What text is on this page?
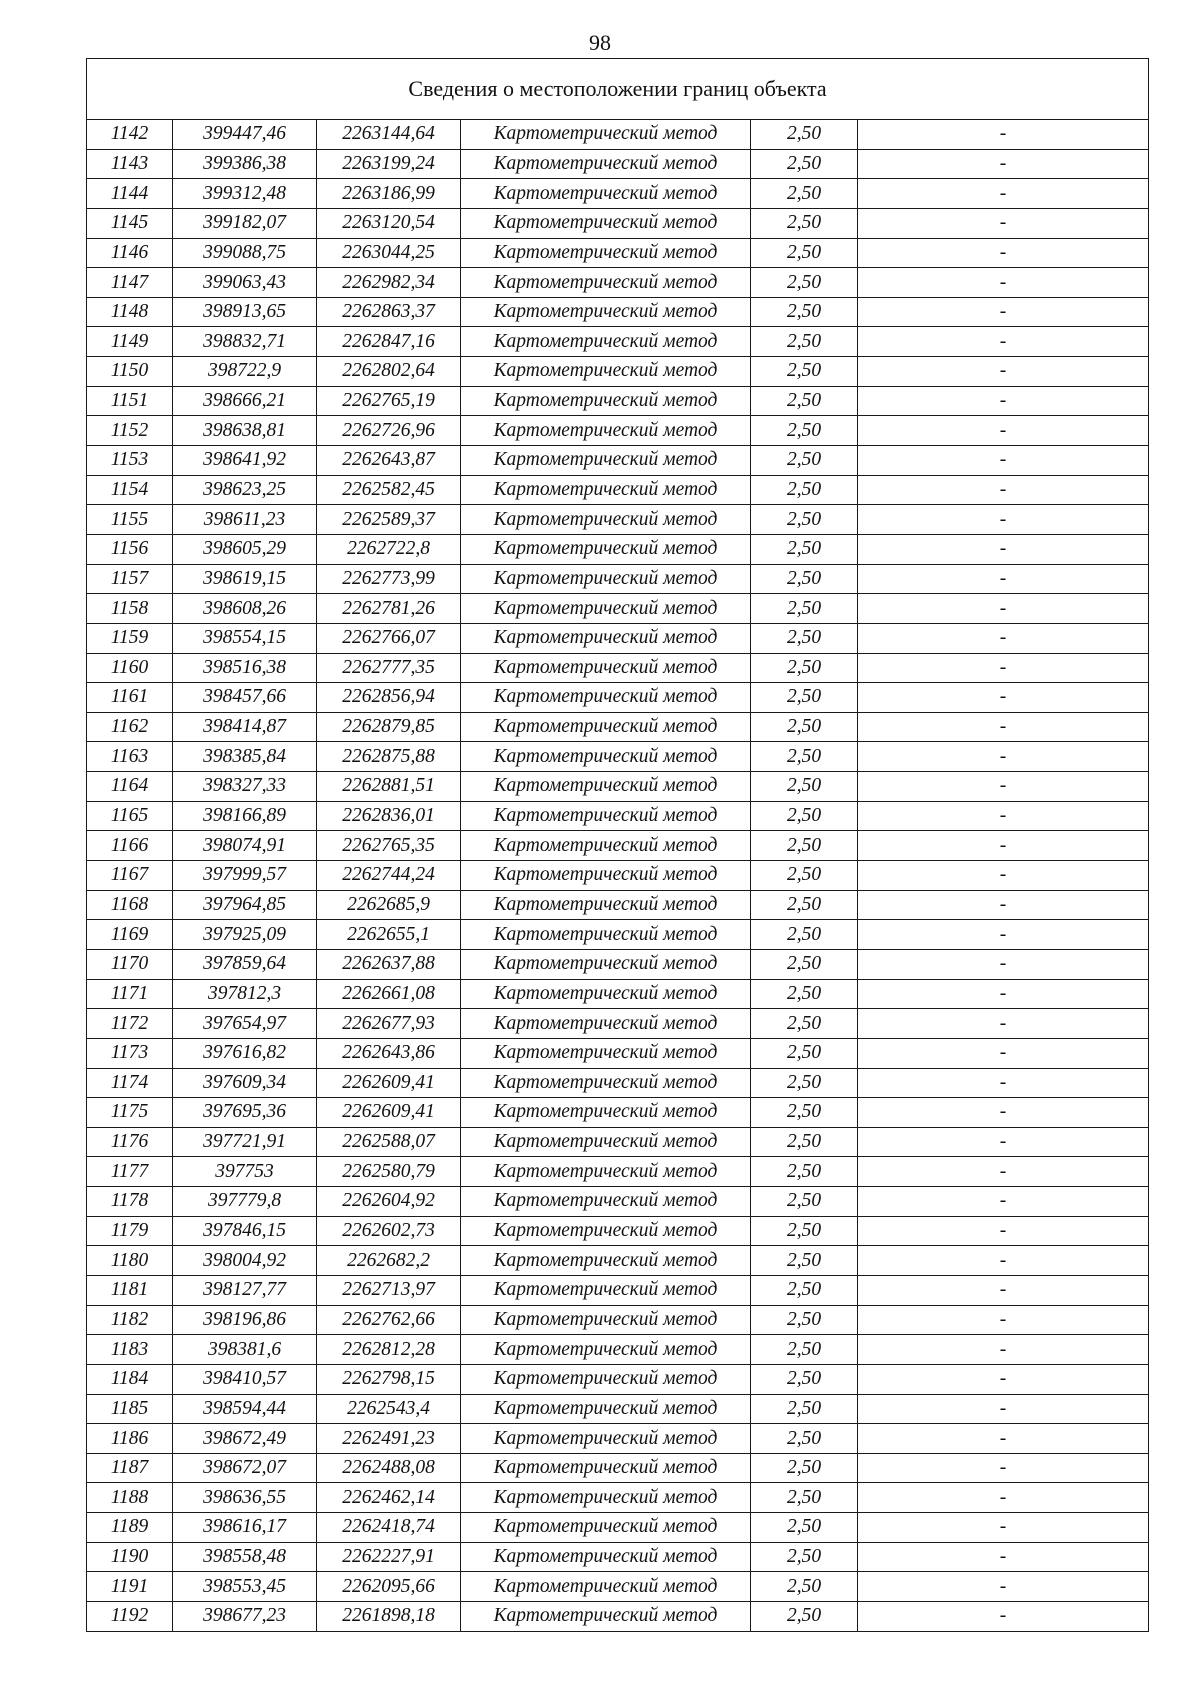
98
Сведения о местоположении границ объекта					
1142	399447,46	2263144,64	Картометрический метод	2,50	-
1143	399386,38	2263199,24	Картометрический метод	2,50	-
1144	399312,48	2263186,99	Картометрический метод	2,50	-
1145	399182,07	2263120,54	Картометрический метод	2,50	-
1146	399088,75	2263044,25	Картометрический метод	2,50	-
1147	399063,43	2262982,34	Картометрический метод	2,50	-
1148	398913,65	2262863,37	Картометрический метод	2,50	-
1149	398832,71	2262847,16	Картометрический метод	2,50	-
1150	398722,9	2262802,64	Картометрический метод	2,50	-
1151	398666,21	2262765,19	Картометрический метод	2,50	-
1152	398638,81	2262726,96	Картометрический метод	2,50	-
1153	398641,92	2262643,87	Картометрический метод	2,50	-
1154	398623,25	2262582,45	Картометрический метод	2,50	-
1155	398611,23	2262589,37	Картометрический метод	2,50	-
1156	398605,29	2262722,8	Картометрический метод	2,50	-
1157	398619,15	2262773,99	Картометрический метод	2,50	-
1158	398608,26	2262781,26	Картометрический метод	2,50	-
1159	398554,15	2262766,07	Картометрический метод	2,50	-
1160	398516,38	2262777,35	Картометрический метод	2,50	-
1161	398457,66	2262856,94	Картометрический метод	2,50	-
1162	398414,87	2262879,85	Картометрический метод	2,50	-
1163	398385,84	2262875,88	Картометрический метод	2,50	-
1164	398327,33	2262881,51	Картометрический метод	2,50	-
1165	398166,89	2262836,01	Картометрический метод	2,50	-
1166	398074,91	2262765,35	Картометрический метод	2,50	-
1167	397999,57	2262744,24	Картометрический метод	2,50	-
1168	397964,85	2262685,9	Картометрический метод	2,50	-
1169	397925,09	2262655,1	Картометрический метод	2,50	-
1170	397859,64	2262637,88	Картометрический метод	2,50	-
1171	397812,3	2262661,08	Картометрический метод	2,50	-
1172	397654,97	2262677,93	Картометрический метод	2,50	-
1173	397616,82	2262643,86	Картометрический метод	2,50	-
1174	397609,34	2262609,41	Картометрический метод	2,50	-
1175	397695,36	2262609,41	Картометрический метод	2,50	-
1176	397721,91	2262588,07	Картометрический метод	2,50	-
1177	397753	2262580,79	Картометрический метод	2,50	-
1178	397779,8	2262604,92	Картометрический метод	2,50	-
1179	397846,15	2262602,73	Картометрический метод	2,50	-
1180	398004,92	2262682,2	Картометрический метод	2,50	-
1181	398127,77	2262713,97	Картометрический метод	2,50	-
1182	398196,86	2262762,66	Картометрический метод	2,50	-
1183	398381,6	2262812,28	Картометрический метод	2,50	-
1184	398410,57	2262798,15	Картометрический метод	2,50	-
1185	398594,44	2262543,4	Картометрический метод	2,50	-
1186	398672,49	2262491,23	Картометрический метод	2,50	-
1187	398672,07	2262488,08	Картометрический метод	2,50	-
1188	398636,55	2262462,14	Картометрический метод	2,50	-
1189	398616,17	2262418,74	Картометрический метод	2,50	-
1190	398558,48	2262227,91	Картометрический метод	2,50	-
1191	398553,45	2262095,66	Картометрический метод	2,50	-
1192	398677,23	2261898,18	Картометрический метод	2,50	-
